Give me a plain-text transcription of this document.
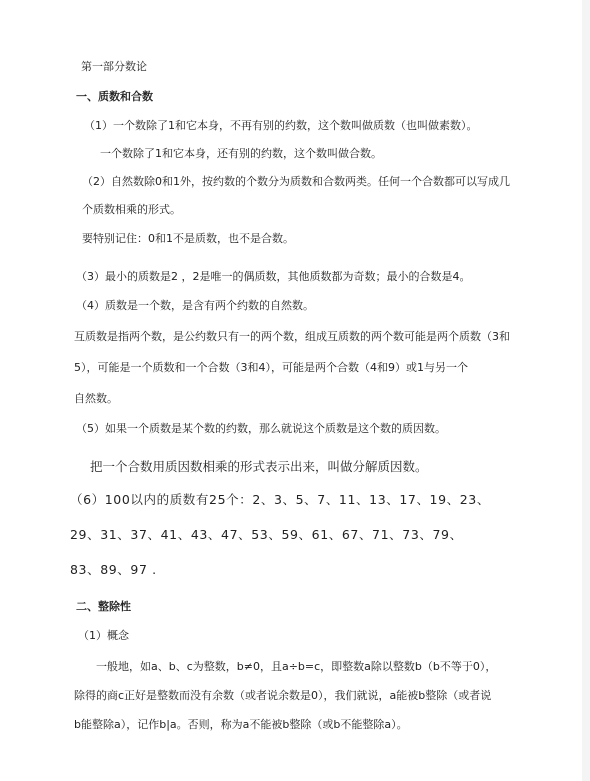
第一部分数论
一、质数和合数
（1）一个数除了1和它本身，不再有别的约数，这个数叫做质数（也叫做素数）。
一个数除了1和它本身，还有别的约数，这个数叫做合数。
（2）自然数除0和1外，按约数的个数分为质数和合数两类。任何一个合数都可以写成几
个质数相乘的形式。
要特别记住：0和1不是质数，也不是合数。
（3）最小的质数是2 ，2是唯一的偶质数，其他质数都为奇数；最小的合数是4。
（4）质数是一个数，是含有两个约数的自然数。
互质数是指两个数，是公约数只有一的两个数，组成互质数的两个数可能是两个质数（3和
5），可能是一个质数和一个合数（3和4），可能是两个合数（4和9）或1与另一个
自然数。
（5）如果一个质数是某个数的约数，那么就说这个质数是这个数的质因数。
把一个合数用质因数相乘的形式表示出来，叫做分解质因数。
（6）100以内的质数有25个：2、3、5、7、11、13、17、19、23、
29、31、37、41、43、47、53、59、61、67、71、73、79、
83、89、97 .
二、整除性
（1）概念
一般地，如a、b、c为整数，b≠0，且a÷b=c，即整数a除以整数b（b不等于0），
除得的商c正好是整数而没有余数（或者说余数是0），我们就说，a能被b整除（或者说
b能整除a），记作b|a。否则，称为a不能被b整除（或b不能整除a）。
